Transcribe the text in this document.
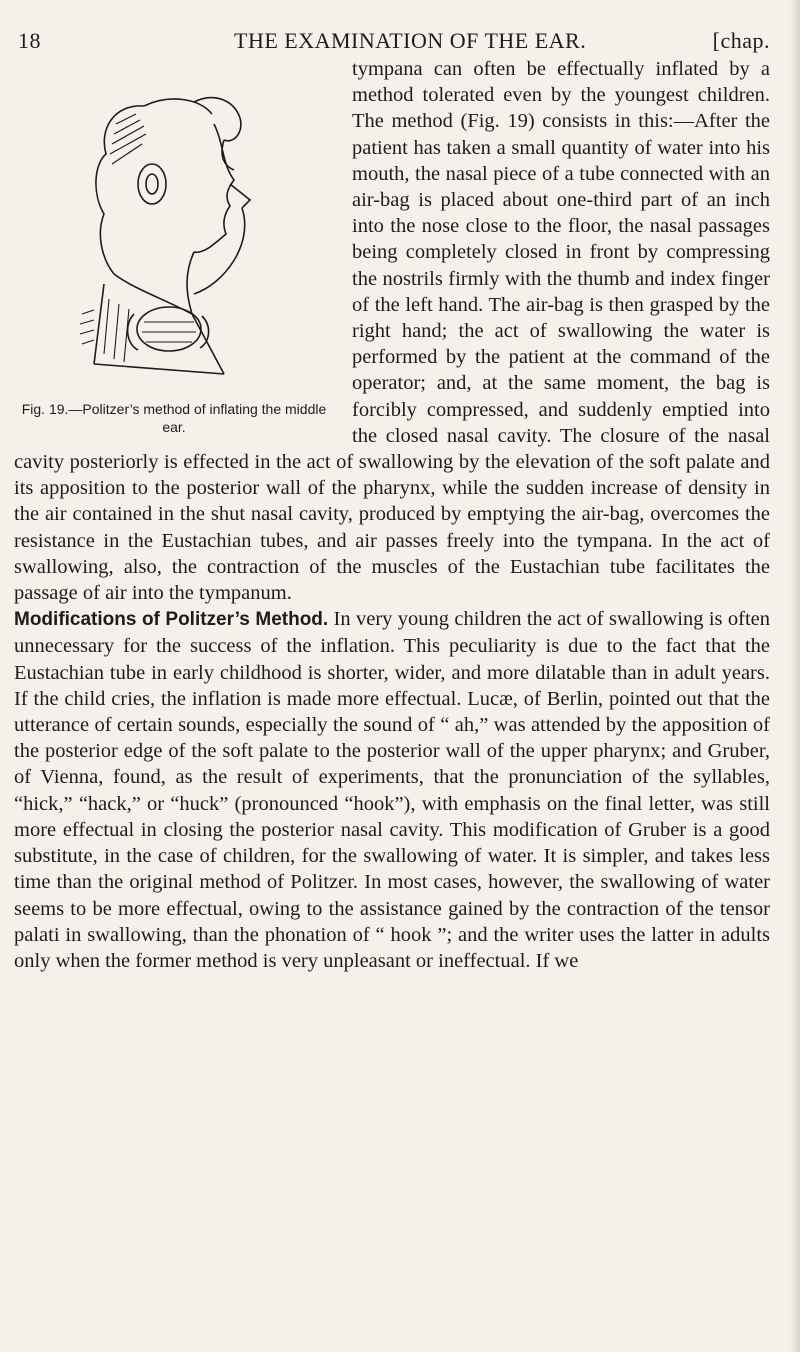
18	THE EXAMINATION OF THE EAR.	[chap.

Fig. 19.—Politzer’s method of inflating the middle ear.
tympana can often be effectually inflated by a method tolerated even by the youngest children. The method (Fig. 19) consists in this:—After the patient has taken a small quantity of water into his mouth, the nasal piece of a tube connected with an air-bag is placed about one-third part of an inch into the nose close to the floor, the nasal passages being completely closed in front by compressing the nostrils firmly with the thumb and index finger of the left hand. The air-bag is then grasped by the right hand; the act of swallowing the water is performed by the patient at the command of the operator; and, at the same moment, the bag is forcibly compressed, and suddenly emptied into the closed nasal cavity. The closure of the nasal cavity posteriorly is effected in the act of swallowing by the elevation of the soft palate and its apposition to the posterior wall of the pharynx, while the sudden increase of density in the air contained in the shut nasal cavity, produced by emptying the air-bag, overcomes the resistance in the Eustachian tubes, and air passes freely into the tympana. In the act of swallowing, also, the contraction of the muscles of the Eustachian tube facilitates the passage of air into the tympanum.

Modifications of Politzer’s Method. In very young children the act of swallowing is often unnecessary for the success of the inflation. This peculiarity is due to the fact that the Eustachian tube in early childhood is shorter, wider, and more dilatable than in adult years. If the child cries, the inflation is made more effectual. Lucæ, of Berlin, pointed out that the utterance of certain sounds, especially the sound of “ ah,” was attended by the apposition of the posterior edge of the soft palate to the posterior wall of the upper pharynx; and Gruber, of Vienna, found, as the result of experiments, that the pronunciation of the syllables, “hick,” “hack,” or “huck” (pronounced “hook”), with emphasis on the final letter, was still more effectual in closing the posterior nasal cavity. This modification of Gruber is a good substitute, in the case of children, for the swallowing of water. It is simpler, and takes less time than the original method of Politzer. In most cases, however, the swallowing of water seems to be more effectual, owing to the assistance gained by the contraction of the tensor palati in swallowing, than the phonation of “ hook ”; and the writer uses the latter in adults only when the former method is very unpleasant or ineffectual. If we
